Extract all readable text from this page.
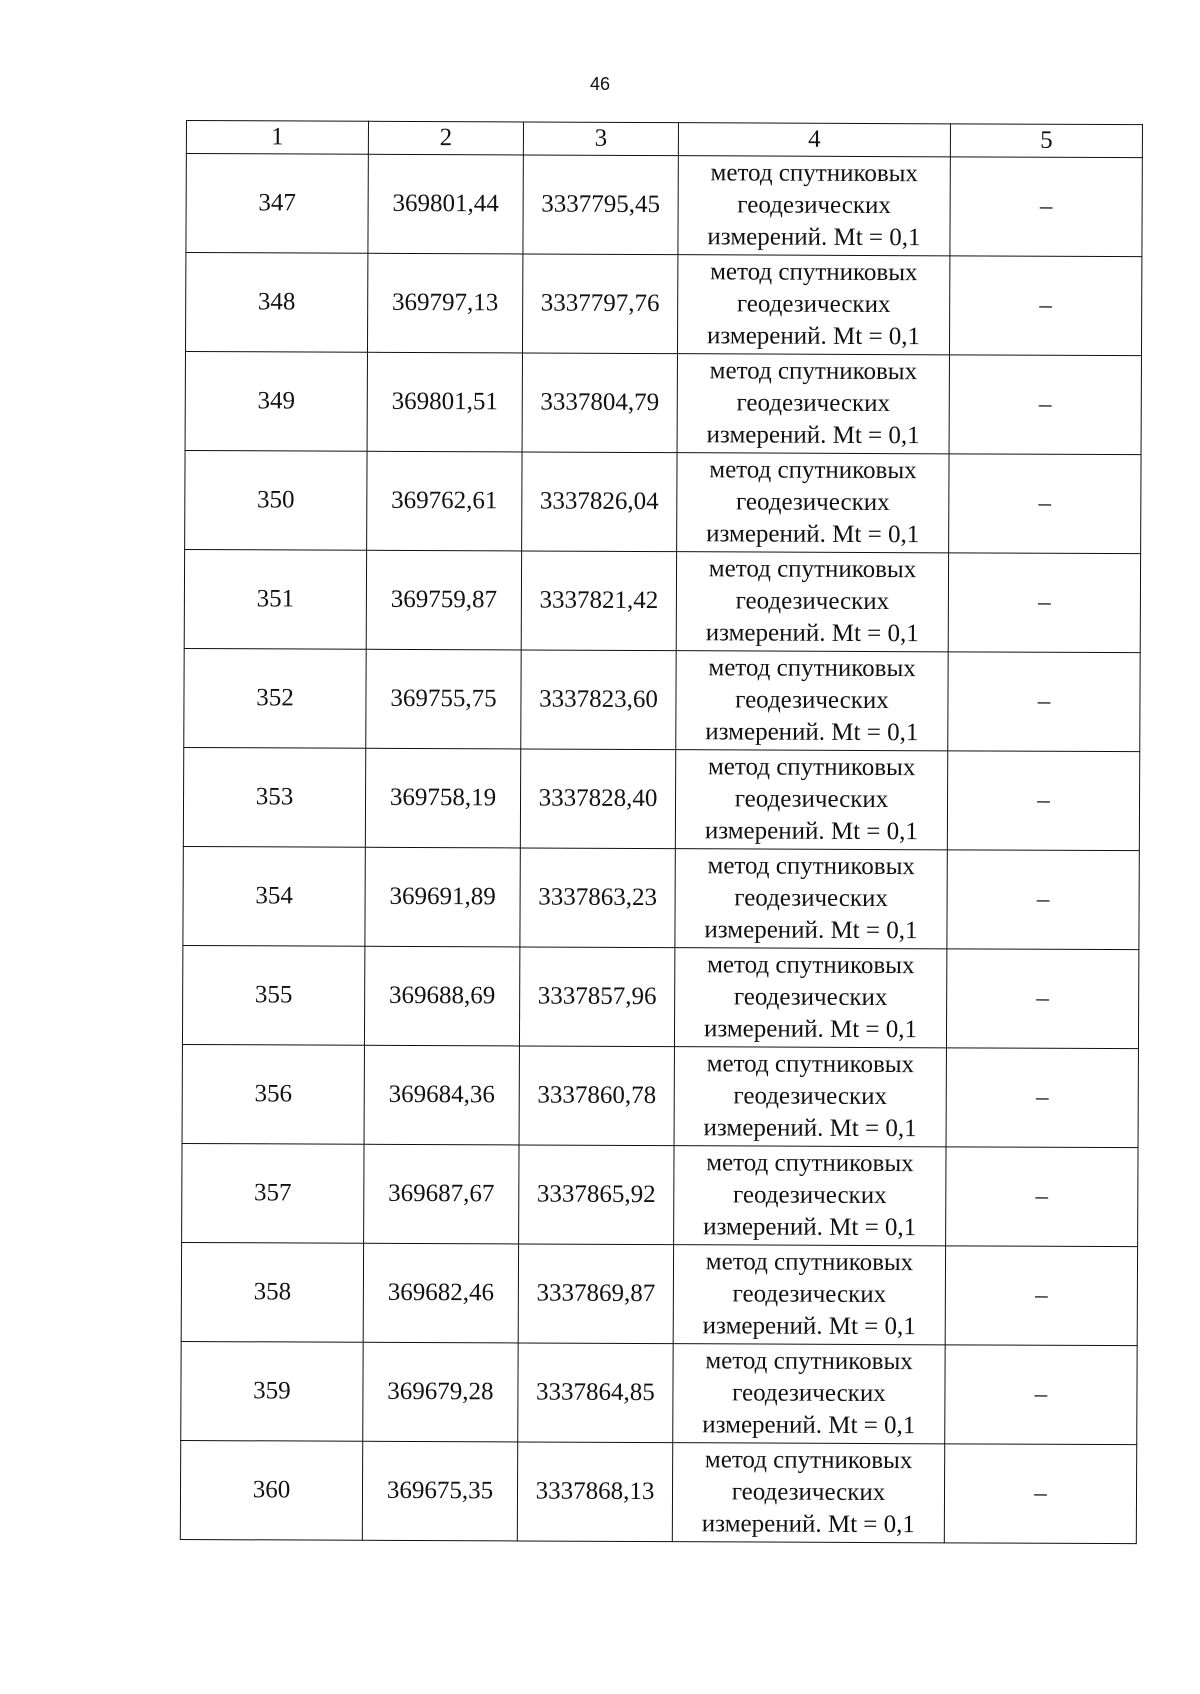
46
1	2	3	4	5
347	369801,44	3337795,45	метод спутниковых
геодезических
измерений. Mt = 0,1	–
348	369797,13	3337797,76	метод спутниковых
геодезических
измерений. Mt = 0,1	–
349	369801,51	3337804,79	метод спутниковых
геодезических
измерений. Mt = 0,1	–
350	369762,61	3337826,04	метод спутниковых
геодезических
измерений. Mt = 0,1	–
351	369759,87	3337821,42	метод спутниковых
геодезических
измерений. Mt = 0,1	–
352	369755,75	3337823,60	метод спутниковых
геодезических
измерений. Mt = 0,1	–
353	369758,19	3337828,40	метод спутниковых
геодезических
измерений. Mt = 0,1	–
354	369691,89	3337863,23	метод спутниковых
геодезических
измерений. Mt = 0,1	–
355	369688,69	3337857,96	метод спутниковых
геодезических
измерений. Mt = 0,1	–
356	369684,36	3337860,78	метод спутниковых
геодезических
измерений. Mt = 0,1	–
357	369687,67	3337865,92	метод спутниковых
геодезических
измерений. Mt = 0,1	–
358	369682,46	3337869,87	метод спутниковых
геодезических
измерений. Mt = 0,1	–
359	369679,28	3337864,85	метод спутниковых
геодезических
измерений. Mt = 0,1	–
360	369675,35	3337868,13	метод спутниковых
геодезических
измерений. Mt = 0,1	–
